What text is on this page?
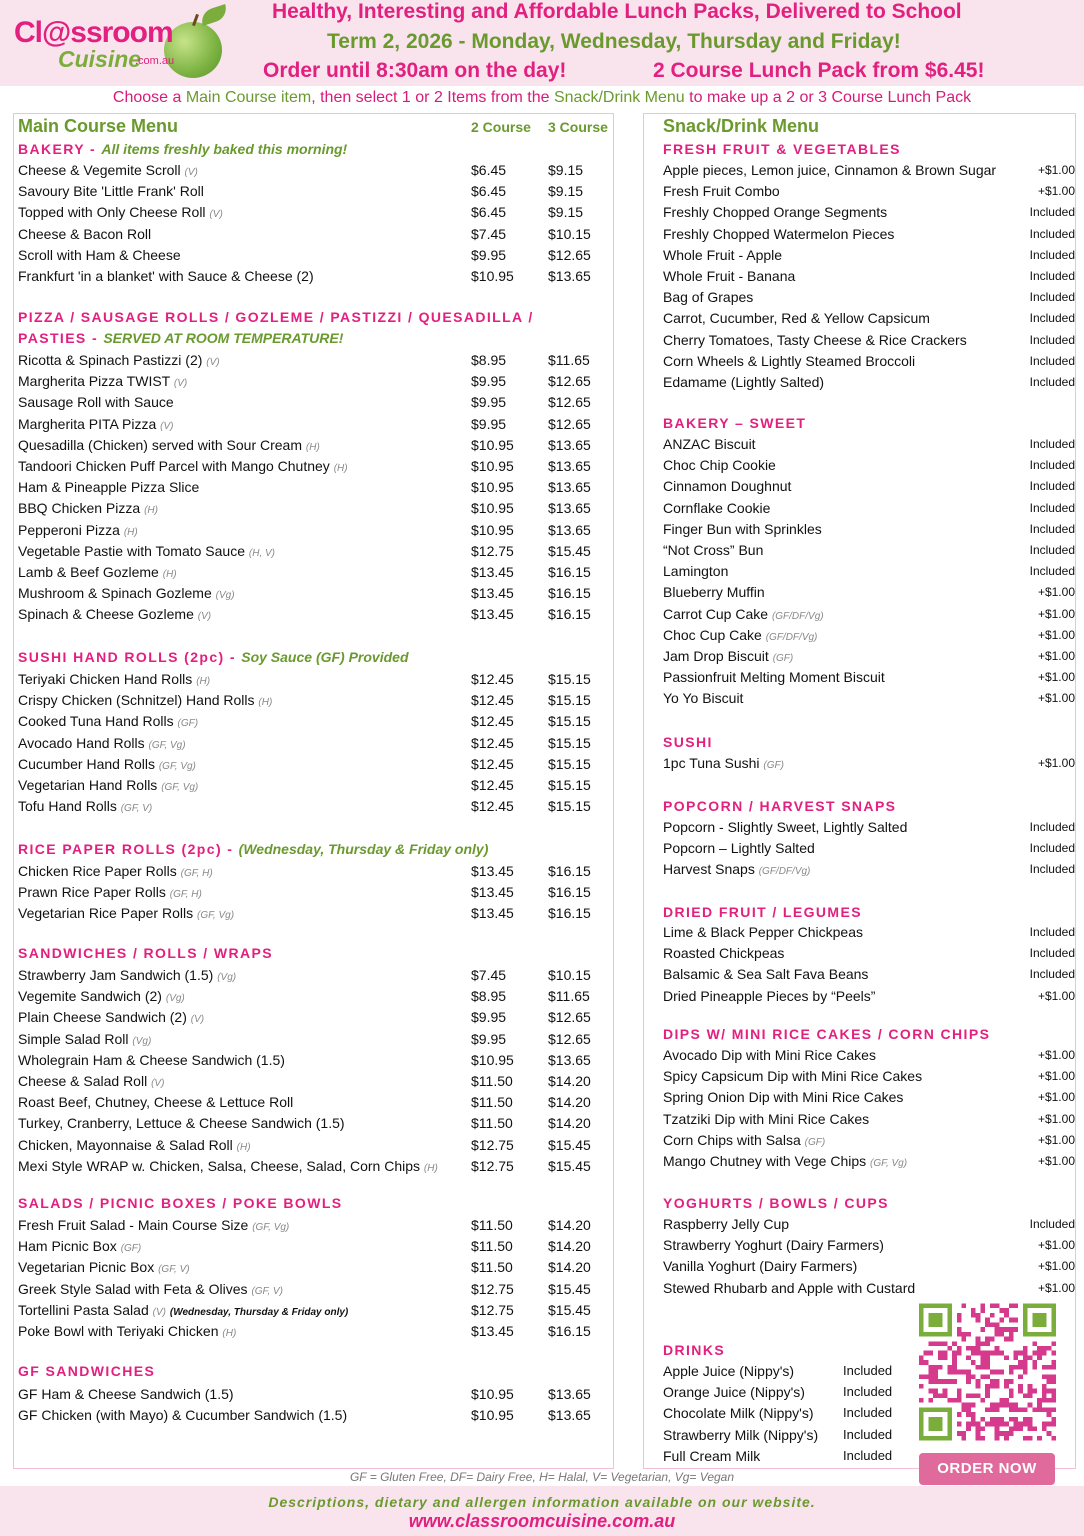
Cl@ssroom
Cuisine
.com.au
Healthy, Interesting and Affordable Lunch Packs, Delivered to School
Term 2, 2026 - Monday, Wednesday, Thursday and Friday!
Order until 8:30am on the day!	2 Course Lunch Pack from $6.45!
Choose a Main Course item, then select 1 or 2 Items from the Snack/Drink Menu to make up a 2 or 3 Course Lunch Pack
Main Course Menu	2 Course 3 Course	Snack/Drink Menu
BAKERY - All items freshly baked this morning!
Cheese & Vegemite Scroll (V)	$6.45	$9.15
Savoury Bite 'Little Frank' Roll	$6.45	$9.15
Topped with Only Cheese Roll (V)	$6.45	$9.15
Cheese & Bacon Roll	$7.45	$10.15
Scroll with Ham & Cheese	$9.95	$12.65
Frankfurt 'in a blanket' with Sauce & Cheese (2)	$10.95 $13.65
PIZZA / SAUSAGE ROLLS / GOZLEME / PASTIZZI / QUESADILLA /
PASTIES - SERVED AT ROOM TEMPERATURE!
Ricotta & Spinach Pastizzi (2) (V)	$8.95	$11.65
Margherita Pizza TWIST (V)	$9.95	$12.65
Sausage Roll with Sauce	$9.95	$12.65
Margherita PITA Pizza (V)	$9.95	$12.65
Quesadilla (Chicken) served with Sour Cream (H)	$10.95 $13.65
Tandoori Chicken Puff Parcel with Mango Chutney (H)	$10.95 $13.65
Ham & Pineapple Pizza Slice	$10.95 $13.65
BBQ Chicken Pizza (H)	$10.95 $13.65
Pepperoni Pizza (H)	$10.95 $13.65
Vegetable Pastie with Tomato Sauce (H, V)	$12.75 $15.45
Lamb & Beef Gozleme (H)	$13.45 $16.15
Mushroom & Spinach Gozleme (Vg)	$13.45 $16.15
Spinach & Cheese Gozleme (V)	$13.45 $16.15
SUSHI HAND ROLLS (2pc) - Soy Sauce (GF) Provided
Teriyaki Chicken Hand Rolls (H)	$12.45 $15.15
Crispy Chicken (Schnitzel) Hand Rolls (H)	$12.45 $15.15
Cooked Tuna Hand Rolls (GF)	$12.45 $15.15
Avocado Hand Rolls (GF, Vg)	$12.45 $15.15
Cucumber Hand Rolls (GF, Vg)	$12.45 $15.15
Vegetarian Hand Rolls (GF, Vg)	$12.45 $15.15
Tofu Hand Rolls (GF, V)	$12.45 $15.15
RICE PAPER ROLLS (2pc) - (Wednesday, Thursday & Friday only)
Chicken Rice Paper Rolls (GF, H)	$13.45 $16.15
Prawn Rice Paper Rolls (GF, H)	$13.45 $16.15
Vegetarian Rice Paper Rolls (GF, Vg)	$13.45 $16.15
SANDWICHES / ROLLS / WRAPS
Strawberry Jam Sandwich (1.5) (Vg)	$7.45	$10.15
Vegemite Sandwich (2) (Vg)	$8.95	$11.65
Plain Cheese Sandwich (2) (V)	$9.95	$12.65
Simple Salad Roll (Vg)	$9.95	$12.65
Wholegrain Ham & Cheese Sandwich (1.5)	$10.95 $13.65
Cheese & Salad Roll (V)	$11.50	$14.20
Roast Beef, Chutney, Cheese & Lettuce Roll	$11.50	$14.20
Turkey, Cranberry, Lettuce & Cheese Sandwich (1.5)	$11.50	$14.20
Chicken, Mayonnaise & Salad Roll (H)	$12.75 $15.45
Mexi Style WRAP w. Chicken, Salsa, Cheese, Salad, Corn Chips (H) $12.75 $15.45
SALADS / PICNIC BOXES / POKE BOWLS
Fresh Fruit Salad - Main Course Size (GF, Vg)	$11.50	$14.20
Ham Picnic Box (GF)	$11.50	$14.20
Vegetarian Picnic Box (GF, V)	$11.50	$14.20
Greek Style Salad with Feta & Olives (GF, V)	$12.75 $15.45
Tortellini Pasta Salad (V) (Wednesday, Thursday & Friday only)	$12.75 $15.45
Poke Bowl with Teriyaki Chicken (H)	$13.45 $16.15
GF SANDWICHES
GF Ham & Cheese Sandwich (1.5)	$10.95 $13.65
GF Chicken (with Mayo) & Cucumber Sandwich (1.5)	$10.95 $13.65
FRESH FRUIT & VEGETABLES
Apple pieces, Lemon juice, Cinnamon & Brown Sugar	+$1.00
Fresh Fruit Combo	+$1.00
Freshly Chopped Orange Segments	Included
Freshly Chopped Watermelon Pieces	Included
Whole Fruit - Apple	Included
Whole Fruit - Banana	Included
Bag of Grapes	Included
Carrot, Cucumber, Red & Yellow Capsicum	Included
Cherry Tomatoes, Tasty Cheese & Rice Crackers	Included
Corn Wheels & Lightly Steamed Broccoli	Included
Edamame (Lightly Salted)	Included
BAKERY – SWEET
ANZAC Biscuit	Included
Choc Chip Cookie	Included
Cinnamon Doughnut	Included
Cornflake Cookie	Included
Finger Bun with Sprinkles	Included
“Not Cross” Bun	Included
Lamington	Included
Blueberry Muffin	+$1.00
Carrot Cup Cake (GF/DF/Vg)	+$1.00
Choc Cup Cake (GF/DF/Vg)	+$1.00
Jam Drop Biscuit (GF)	+$1.00
Passionfruit Melting Moment Biscuit	+$1.00
Yo Yo Biscuit	+$1.00
SUSHI
1pc Tuna Sushi (GF)	+$1.00
POPCORN / HARVEST SNAPS
Popcorn - Slightly Sweet, Lightly Salted	Included
Popcorn – Lightly Salted	Included
Harvest Snaps (GF/DF/Vg)	Included
DRIED FRUIT / LEGUMES
Lime & Black Pepper Chickpeas	Included
Roasted Chickpeas	Included
Balsamic & Sea Salt Fava Beans	Included
Dried Pineapple Pieces by “Peels”	+$1.00
DIPS W/ MINI RICE CAKES / CORN CHIPS
Avocado Dip with Mini Rice Cakes	+$1.00
Spicy Capsicum Dip with Mini Rice Cakes	+$1.00
Spring Onion Dip with Mini Rice Cakes	+$1.00
Tzatziki Dip with Mini Rice Cakes	+$1.00
Corn Chips with Salsa (GF)	+$1.00
Mango Chutney with Vege Chips (GF, Vg)	+$1.00
YOGHURTS / BOWLS / CUPS
Raspberry Jelly Cup	Included
Strawberry Yoghurt (Dairy Farmers)	+$1.00
Vanilla Yoghurt (Dairy Farmers)	+$1.00
Stewed Rhubarb and Apple with Custard	+$1.00
DRINKS
Apple Juice (Nippy's)	Included
Orange Juice (Nippy's)	Included
Chocolate Milk (Nippy's) Included
Strawberry Milk (Nippy's) Included
Full Cream Milk	Included
ORDER NOW
GF = Gluten Free, DF= Dairy Free, H= Halal, V= Vegetarian, Vg= Vegan
Descriptions, dietary and allergen information available on our website.
www.classroomcuisine.com.au
